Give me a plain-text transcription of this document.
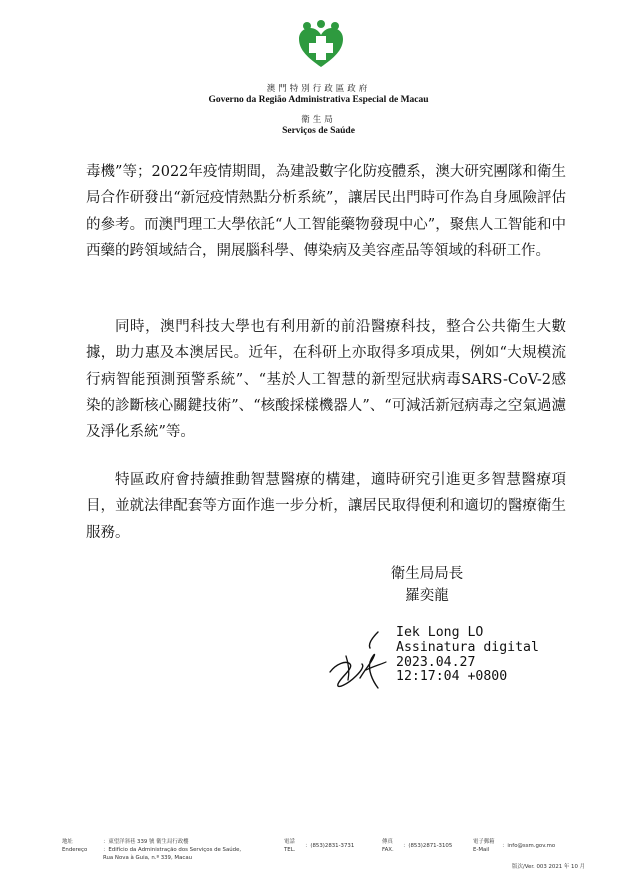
澳門特別行政區政府
Governo da Região Administrativa Especial de Macau
衛生局
Serviços de Saúde

毒機”等；2022年疫情期間，為建設數字化防疫體系，澳大研究團隊和衛生局合作研發出“新冠疫情熱點分析系統”，讓居民出門時可作為自身風險評估的參考。而澳門理工大學依託“人工智能藥物發現中心”，聚焦人工智能和中西藥的跨領域結合，開展腦科學、傳染病及美容產品等領域的科研工作。

同時，澳門科技大學也有利用新的前沿醫療科技，整合公共衛生大數據，助力惠及本澳居民。近年，在科研上亦取得多項成果，例如“大規模流行病智能預測預警系統”、“基於人工智慧的新型冠狀病毒SARS-CoV-2感染的診斷核心關鍵技術”、“核酸採樣機器人”、“可減活新冠病毒之空氣過濾及淨化系統”等。

特區政府會持續推動智慧醫療的構建，適時研究引進更多智慧醫療項目，並就法律配套等方面作進一步分析，讓居民取得便利和適切的醫療衛生服務。

衛生局局長
羅奕龍
Iek Long LO
Assinatura digital
2023.04.27
12:17:04 +0800
地址
Endereço
：東望洋斜巷 339 號 衛生局行政樓
：Edifício da Administração dos Serviços de Saúde, Rua Nova à Guia, n.º 339, Macau
電話
TEL.
：(853)2831-3731
傳真
FAX.
：(853)2871-3105
電子郵箱
E-Mail
：info@ssm.gov.mo
版次/Ver. 003 2021 年 10 月
